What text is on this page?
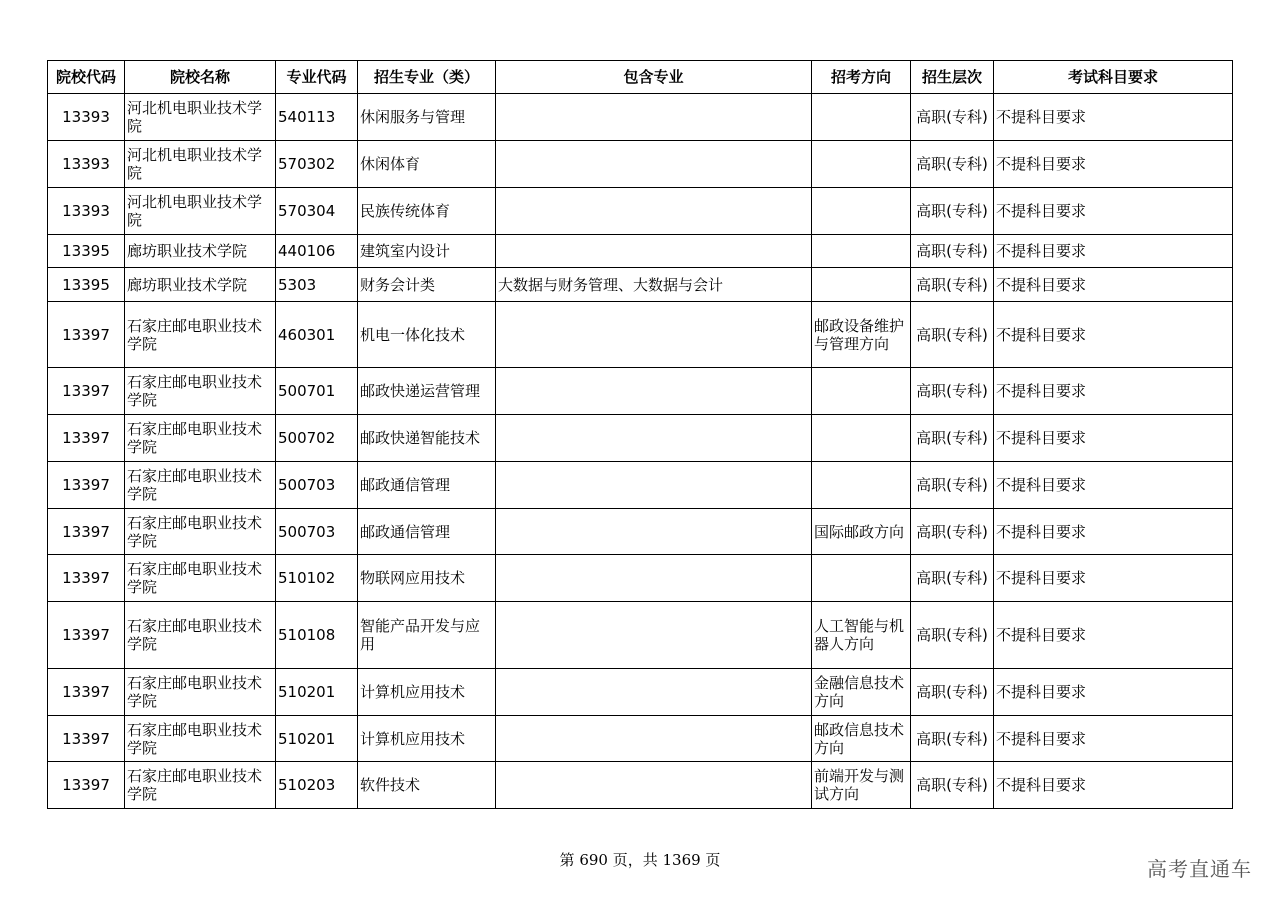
院校代码	院校名称	专业代码	招生专业（类）	包含专业	招考方向	招生层次	考试科目要求
13393	河北机电职业技术学院	540113	休闲服务与管理			高职(专科)	不提科目要求
13393	河北机电职业技术学院	570302	休闲体育			高职(专科)	不提科目要求
13393	河北机电职业技术学院	570304	民族传统体育			高职(专科)	不提科目要求
13395	廊坊职业技术学院	440106	建筑室内设计			高职(专科)	不提科目要求
13395	廊坊职业技术学院	5303	财务会计类	大数据与财务管理、大数据与会计		高职(专科)	不提科目要求
13397	石家庄邮电职业技术学院	460301	机电一体化技术		邮政设备维护与管理方向	高职(专科)	不提科目要求
13397	石家庄邮电职业技术学院	500701	邮政快递运营管理			高职(专科)	不提科目要求
13397	石家庄邮电职业技术学院	500702	邮政快递智能技术			高职(专科)	不提科目要求
13397	石家庄邮电职业技术学院	500703	邮政通信管理			高职(专科)	不提科目要求
13397	石家庄邮电职业技术学院	500703	邮政通信管理		国际邮政方向	高职(专科)	不提科目要求
13397	石家庄邮电职业技术学院	510102	物联网应用技术			高职(专科)	不提科目要求
13397	石家庄邮电职业技术学院	510108	智能产品开发与应用		人工智能与机器人方向	高职(专科)	不提科目要求
13397	石家庄邮电职业技术学院	510201	计算机应用技术		金融信息技术方向	高职(专科)	不提科目要求
13397	石家庄邮电职业技术学院	510201	计算机应用技术		邮政信息技术方向	高职(专科)	不提科目要求
13397	石家庄邮电职业技术学院	510203	软件技术		前端开发与测试方向	高职(专科)	不提科目要求
第 690 页，共 1369 页	高考直通车
